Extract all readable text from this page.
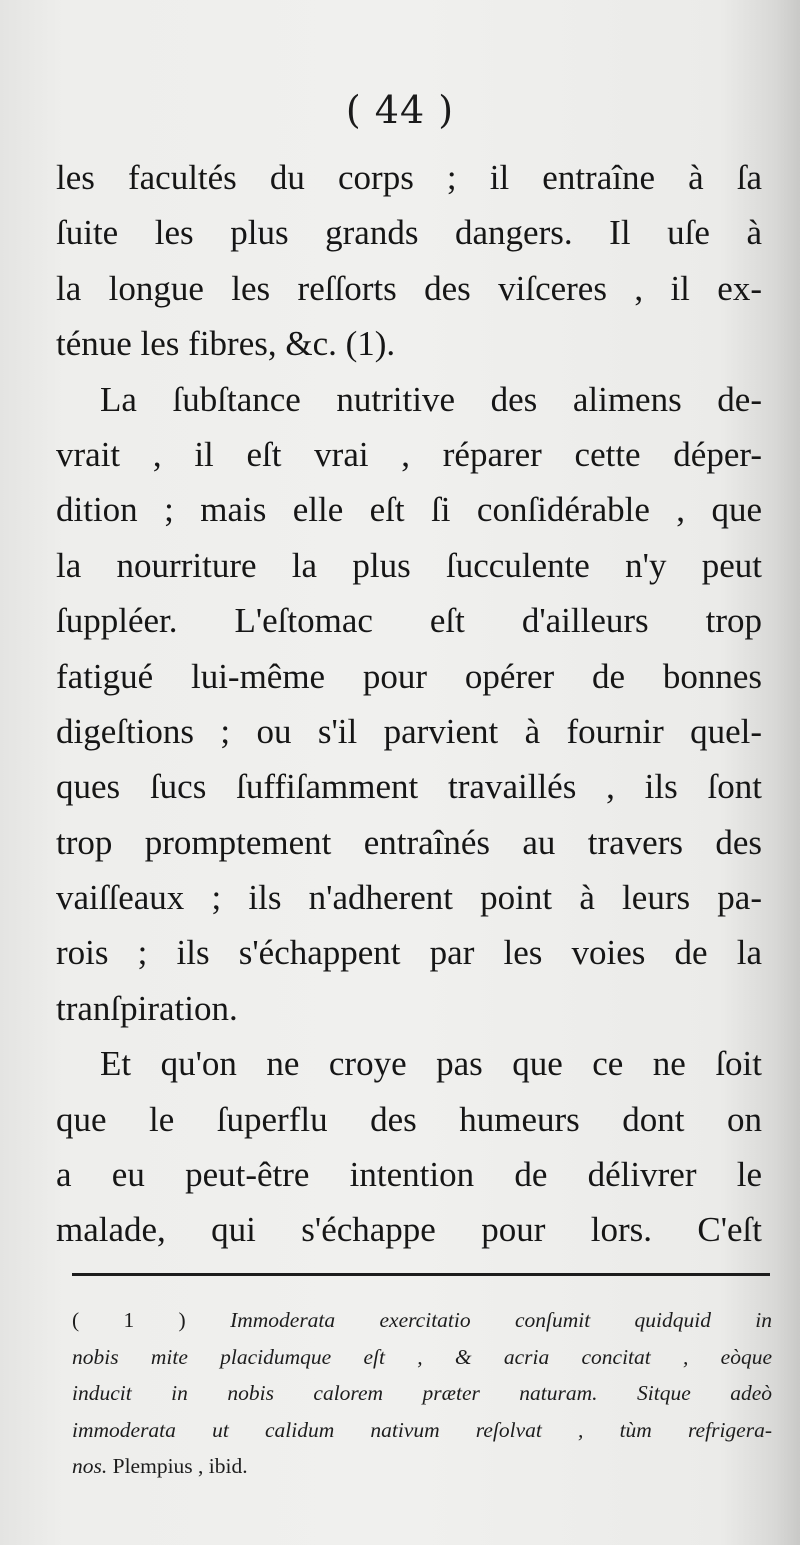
( 44 )

les facultés du corps ; il entraîne à ſa
ſuite les plus grands dangers. Il uſe à
la longue les reſſorts des viſceres , il ex-
ténue les fibres, &c. (1).

La ſubſtance nutritive des alimens de-
vrait , il eſt vrai , réparer cette déper-
dition ; mais elle eſt ſi conſidérable , que
la nourriture la plus ſucculente n'y peut
ſuppléer. L'eſtomac eſt d'ailleurs trop
fatigué lui-même pour opérer de bonnes
digeſtions ; ou s'il parvient à fournir quel-
ques ſucs ſuffiſamment travaillés , ils ſont
trop promptement entraînés au travers des
vaiſſeaux ; ils n'adherent point à leurs pa-
rois ; ils s'échappent par les voies de la
tranſpiration.

Et qu'on ne croye pas que ce ne ſoit
que le ſuperflu des humeurs dont on
a eu peut-être intention de délivrer le
malade, qui s'échappe pour lors. C'eſt

( 1 ) Immoderata exercitatio conſumit quidquid in
nobis mite placidumque eſt , & acria concitat , eòque
inducit in nobis calorem præter naturam. Sitque adeò
immoderata ut calidum nativum reſolvat , tùm refrigera-
nos. Plempius , ibid.
